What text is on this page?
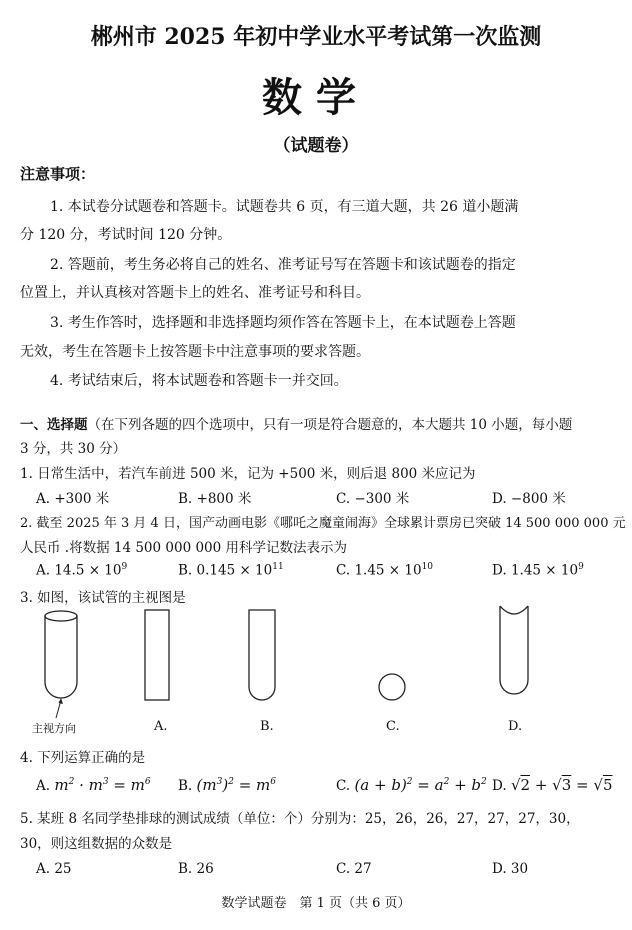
郴州市 2025 年初中学业水平考试第一次监测
数学
（试题卷）
注意事项：
1. 本试卷分试题卷和答题卡。试题卷共 6 页，有三道大题，共 26 道小题满
分 120 分，考试时间 120 分钟。
2. 答题前，考生务必将自己的姓名、准考证号写在答题卡和该试题卷的指定
位置上，并认真核对答题卡上的姓名、准考证号和科目。
3. 考生作答时，选择题和非选择题均须作答在答题卡上，在本试题卷上答题
无效，考生在答题卡上按答题卡中注意事项的要求答题。
4. 考试结束后，将本试题卷和答题卡一并交回。
一、选择题（在下列各题的四个选项中，只有一项是符合题意的，本大题共 10 小题，每小题
3 分，共 30 分）
1. 日常生活中，若汽车前进 500 米，记为 +500 米，则后退 800 米应记为
A. +300 米	B. +800 米	C. −300 米	D. −800 米
2. 截至 2025 年 3 月 4 日，国产动画电影《哪吒之魔童闹海》全球累计票房已突破 14 500 000 000 元
人民币 .将数据 14 500 000 000 用科学记数法表示为
A. $14.5 \times 10^9$	B. $0.145 \times 10^{11}$	C. $1.45 \times 10^{10}$	D. $1.45 \times 10^9$
3. 如图，该试管的主视图是
主视方向	A.	B.	C.	D.
4. 下列运算正确的是
A. $m^2 \cdot m^3 = m^6$ B. $(m^3)^2 = m^6$	C. $(a + b)^2 = a^2 + b^2$ D. √2 + √3 = √5
5. 某班 8 名同学垫排球的测试成绩（单位：个）分别为：25，26，26，27，27，27，30，
30，则这组数据的众数是
A. 25	B. 26	C. 27	D. 30
数学试题卷　第 1 页（共 6 页）
